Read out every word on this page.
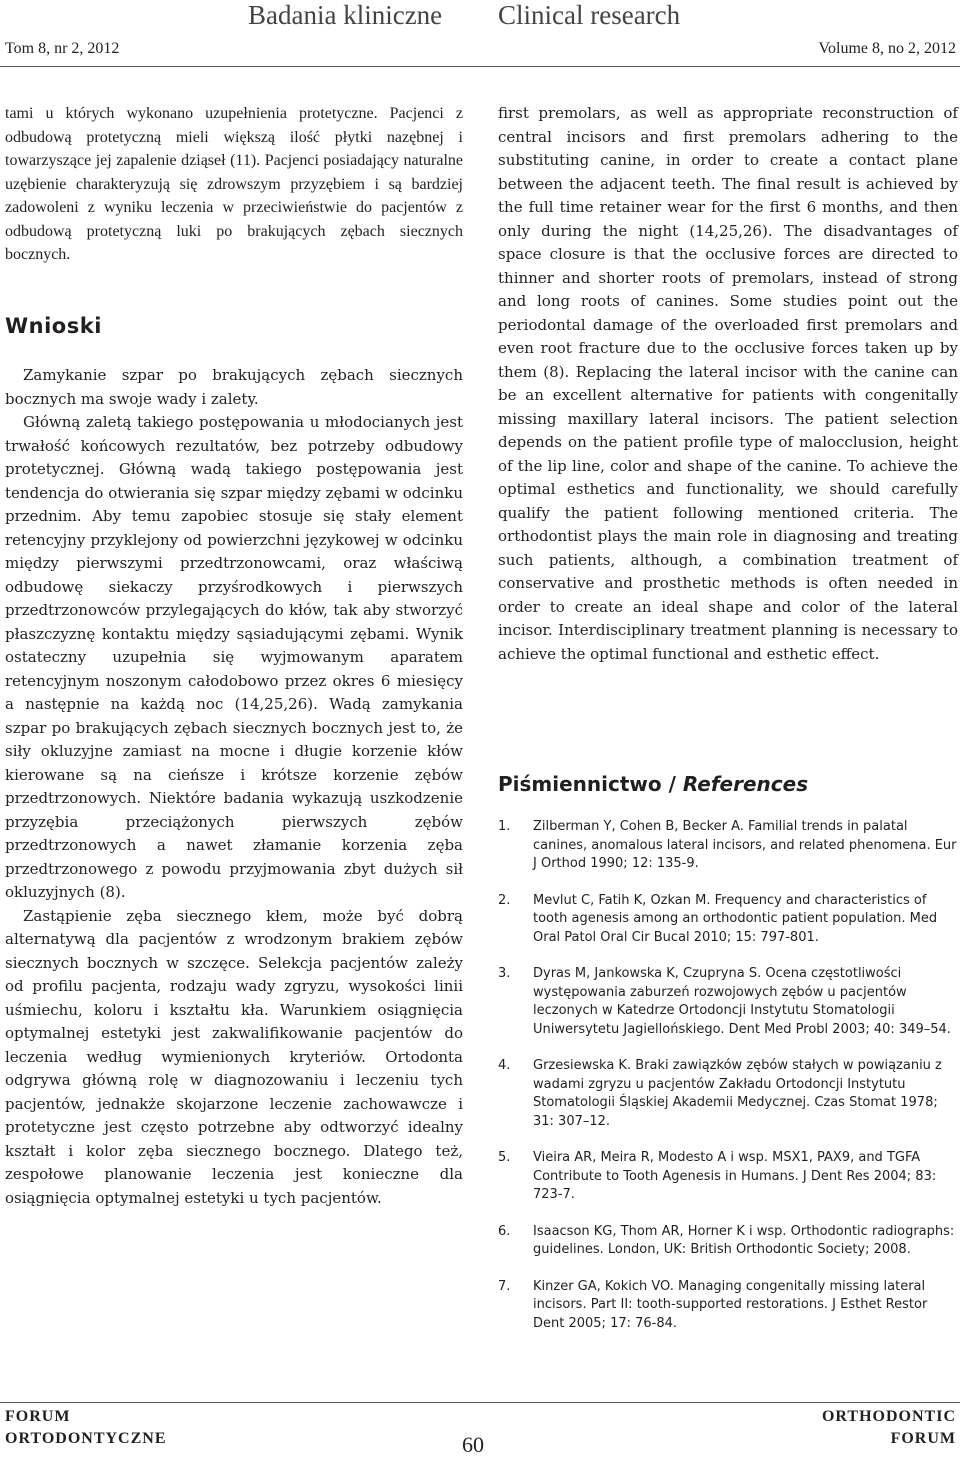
Badania kliniczne Clinical research
Tom 8, nr 2, 2012	Volume 8, no 2, 2012

tami u których wykonano uzupełnienia protetyczne. Pacjenci z odbudową protetyczną mieli większą ilość płytki nazębnej i towarzyszące jej zapalenie dziąseł (11). Pacjenci posiadający naturalne uzębienie charakteryzują się zdrowszym przyzębiem i są bardziej zadowoleni z wyniku leczenia w przeciwieństwie do pacjentów z odbudową protetyczną luki po brakujących zębach siecznych bocznych.

Wnioski

Zamykanie szpar po brakujących zębach siecznych bocznych ma swoje wady i zalety.

Główną zaletą takiego postępowania u młodocianych jest trwałość końcowych rezultatów, bez potrzeby odbudowy protetycznej. Główną wadą takiego postępowania jest tendencja do otwierania się szpar między zębami w odcinku przednim. Aby temu zapobiec stosuje się stały element retencyjny przyklejony od powierzchni językowej w odcinku między pierwszymi przedtrzonowcami, oraz właściwą odbudowę siekaczy przyśrodkowych i pierwszych przedtrzonowców przylegających do kłów, tak aby stworzyć płaszczyznę kontaktu między sąsiadującymi zębami. Wynik ostateczny uzupełnia się wyjmowanym aparatem retencyjnym noszonym całodobowo przez okres 6 miesięcy a następnie na każdą noc (14,25,26). Wadą zamykania szpar po brakujących zębach siecznych bocznych jest to, że siły okluzyjne zamiast na mocne i długie korzenie kłów kierowane są na cieńsze i krótsze korzenie zębów przedtrzonowych. Niektóre badania wykazują uszkodzenie przyzębia przeciążonych pierwszych zębów przedtrzonowych a nawet złamanie korzenia zęba przedtrzonowego z powodu przyjmowania zbyt dużych sił okluzyjnych (8).

Zastąpienie zęba siecznego kłem, może być dobrą alternatywą dla pacjentów z wrodzonym brakiem zębów siecznych bocznych w szczęce. Selekcja pacjentów zależy od profilu pacjenta, rodzaju wady zgryzu, wysokości linii uśmiechu, koloru i kształtu kła. Warunkiem osiągnięcia optymalnej estetyki jest zakwalifikowanie pacjentów do leczenia według wymienionych kryteriów. Ortodonta odgrywa główną rolę w diagnozowaniu i leczeniu tych pacjentów, jednakże skojarzone leczenie zachowawcze i protetyczne jest często potrzebne aby odtworzyć idealny kształt i kolor zęba siecznego bocznego. Dlatego też, zespołowe planowanie leczenia jest konieczne dla osiągnięcia optymalnej estetyki u tych pacjentów.

first premolars, as well as appropriate reconstruction of central incisors and first premolars adhering to the substituting canine, in order to create a contact plane between the adjacent teeth. The final result is achieved by the full time retainer wear for the first 6 months, and then only during the night (14,25,26). The disadvantages of space closure is that the occlusive forces are directed to thinner and shorter roots of premolars, instead of strong and long roots of canines. Some studies point out the periodontal damage of the overloaded first premolars and even root fracture due to the occlusive forces taken up by them (8). Replacing the lateral incisor with the canine can be an excellent alternative for patients with congenitally missing maxillary lateral incisors. The patient selection depends on the patient profile type of malocclusion, height of the lip line, color and shape of the canine. To achieve the optimal esthetics and functionality, we should carefully qualify the patient following mentioned criteria. The orthodontist plays the main role in diagnosing and treating such patients, although, a combination treatment of conservative and prosthetic methods is often needed in order to create an ideal shape and color of the lateral incisor. Interdisciplinary treatment planning is necessary to achieve the optimal functional and esthetic effect.

Piśmiennictwo / References
1.	Zilberman Y, Cohen B, Becker A. Familial trends in palatal canines, anomalous lateral incisors, and related phenomena. Eur J Orthod 1990; 12: 135-9.
2.	Mevlut C, Fatih K, Ozkan M. Frequency and characteristics of tooth agenesis among an orthodontic patient population. Med Oral Patol Oral Cir Bucal 2010; 15: 797-801.
3.	Dyras M, Jankowska K, Czupryna S. Ocena częstotliwości występowania zaburzeń rozwojowych zębów u pacjentów leczonych w Katedrze Ortodoncji Instytutu Stomatologii Uniwersytetu Jagiellońskiego. Dent Med Probl 2003; 40: 349–54.
4.	Grzesiewska K. Braki zawiązków zębów stałych w powiązaniu z wadami zgryzu u pacjentów Zakładu Ortodoncji Instytutu Stomatologii Śląskiej Akademii Medycznej. Czas Stomat 1978; 31: 307–12.
5.	Vieira AR, Meira R, Modesto A i wsp. MSX1, PAX9, and TGFA Contribute to Tooth Agenesis in Humans. J Dent Res 2004; 83: 723-7.
6.	Isaacson KG, Thom AR, Horner K i wsp. Orthodontic radiographs: guidelines. London, UK: British Orthodontic Society; 2008.
7.	Kinzer GA, Kokich VO. Managing congenitally missing lateral incisors. Part II: tooth-supported restorations. J Esthet Restor Dent 2005; 17: 76-84.
FORUM
ORTODONTYCZNE	60
ORTHODONTIC
FORUM
